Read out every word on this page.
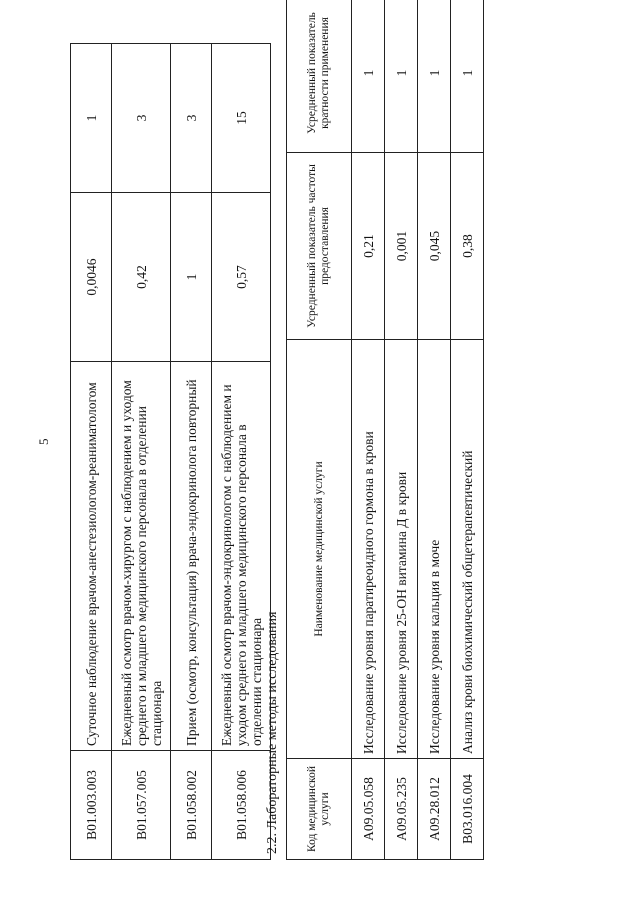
5
B01.003.003	Суточное наблюдение врачом-анестезиологом-реаниматологом	0,0046	1
B01.057.005	Ежедневный осмотр врачом-хирургом с наблюдением и уходом среднего и младшего медицинского персонала в отделении стационара	0,42	3
B01.058.002	Прием (осмотр, консультация) врача-эндокринолога повторный	1	3
B01.058.006	Ежедневный осмотр врачом-эндокринологом с наблюдением и уходом среднего и младшего медицинского персонала в отделении стационара	0,57	15
2.2. Лабораторные методы исследования Код медицинской услуги	Наименование медицинской услуги	Усредненный показатель частоты предоставления	Усредненный показатель кратности применения
A09.05.058	Исследование уровня паратиреоидного гормона в крови	0,21	1
A09.05.235	Исследование уровня 25-ОН витамина Д в крови	0,001	1
A09.28.012	Исследование уровня кальция в моче	0,045	1
B03.016.004	Анализ крови биохимический общетерапевтический	0,38	1
